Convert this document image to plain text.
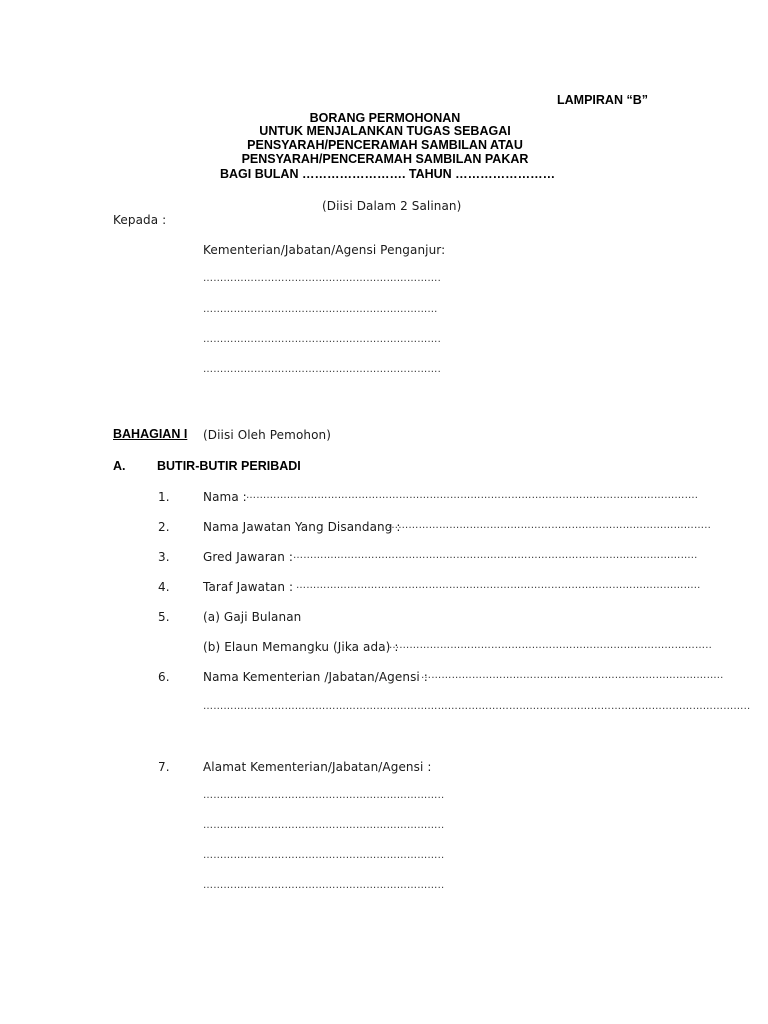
LAMPIRAN “B”
BORANG PERMOHONAN
UNTUK MENJALANKAN TUGAS SEBAGAI
PENSYARAH/PENCERAMAH SAMBILAN ATAU
PENSYARAH/PENCERAMAH SAMBILAN PAKAR
BAGI BULAN ……………………. TAHUN ……………………
(Diisi Dalam 2 Salinan)
Kepada :
Kementerian/Jabatan/Agensi Penganjur:
…………………………………………………………….
……………………………………………………………
…………………………………………………………….
…………………………………………………………….
BAHAGIAN I (Diisi Oleh Pemohon)
A.	BUTIR-BUTIR PERIBADI
1.	Nama : …………………………………………………………………………………………………………………….
2.	Nama Jawatan Yang Disandang :
…………………………………………………………………………………..
3.	Gred Jawaran : ………………………………………………………………………………………………………..
4.	Taraf Jawatan : ………………………………………………………………………………………………………..
5.	(a) Gaji Bulanan
(b) Elaun Memangku (Jika ada) :
…………………………………………………………………………………..
6.	Nama Kementerian /Jabatan/Agensi :
……………………………………………………………………………..
……………………………………………………………………………………………………………………………………………..
7.	Alamat Kementerian/Jabatan/Agensi :
……………………………………………………………..
……………………………………………………………..
……………………………………………………………..
……………………………………………………………..
